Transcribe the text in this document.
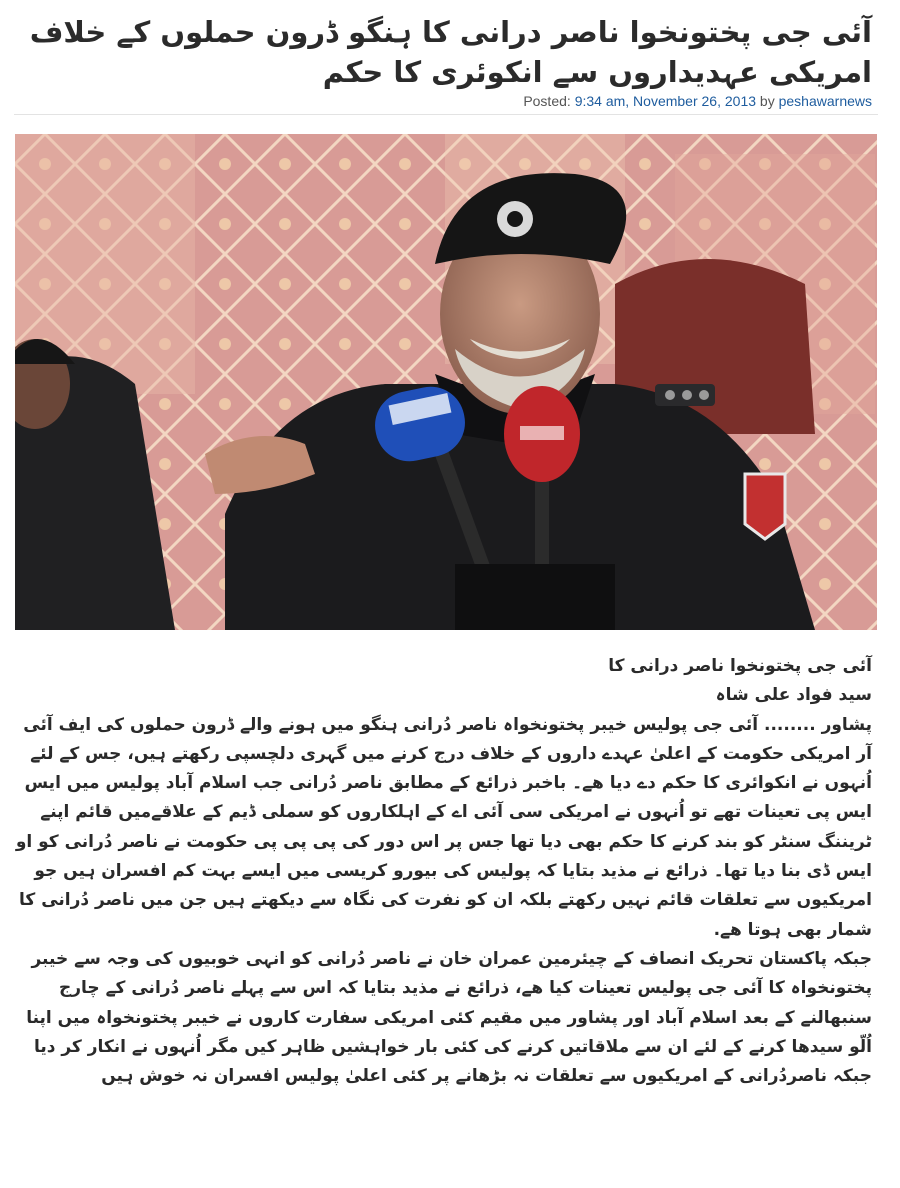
آئی جی پختونخوا ناصر درانی کا ہنگو ڈرون حملوں کے خلاف امریکی عہدیداروں سے انکوئری کا حکم
Posted: 9:34 am, November 26, 2013 by peshawarnews

آئی جی پختونخوا ناصر درانی کا

سید فواد علی شاہ

پشاور ........ آئی جی پولیس خیبر پختونخواہ ناصر دُرانی ہنگو میں ہونے والے ڈرون حملوں کی ایف آئی آر امریکی حکومت کے اعلیٰ عہدے داروں کے خلاف درج کرنے میں گہری دلچسپی رکھتے ہیں، جس کے لئے اُنہوں نے انکوائری کا حکم دے دیا ھے۔ باخبر ذرائع کے مطابق ناصر دُرانی جب اسلام آباد پولیس میں ایس ایس پی تعینات تھے تو اُنہوں نے امریکی سی آئی اے کے اہلکاروں کو سملی ڈیم کے علاقےمیں قائم اپنے ٹریننگ سنٹر کو بند کرنے کا حکم بھی دیا تھا جس پر اس دور کی پی پی پی حکومت نے ناصر دُرانی کو او ایس ڈی بنا دیا تھا۔ ذرائع نے مذید بتایا کہ پولیس کی بیورو کریسی میں ایسے بہت کم افسران ہیں جو امریکیوں سے تعلقات قائم نہیں رکھتے بلکہ ان کو نفرت کی نگاہ سے دیکھتے ہیں جن میں ناصر دُرانی کا شمار بھی ہوتا ھے.

جبکہ پاکستان تحریک انصاف کے چیئرمین عمران خان نے ناصر دُرانی کو انہی خوبیوں کی وجہ سے خیبر پختونخواہ کا آئی جی پولیس تعینات کیا ھے، ذرائع نے مذید بتایا کہ اس سے پہلے ناصر دُرانی کے چارج سنبھالنے کے بعد اسلام آباد اور پشاور میں مقیم کئی امریکی سفارت کاروں نے خیبر پختونخواہ میں اپنا اُلّو سیدھا کرنے کے لئے ان سے ملاقاتیں کرنے کی کئی بار خواہشیں ظاہر کیں مگر اُنہوں نے انکار کر دیا جبکہ ناصردُرانی کے امریکیوں سے تعلقات نہ بڑھانے پر کئی اعلیٰ پولیس افسران نہ خوش ہیں
